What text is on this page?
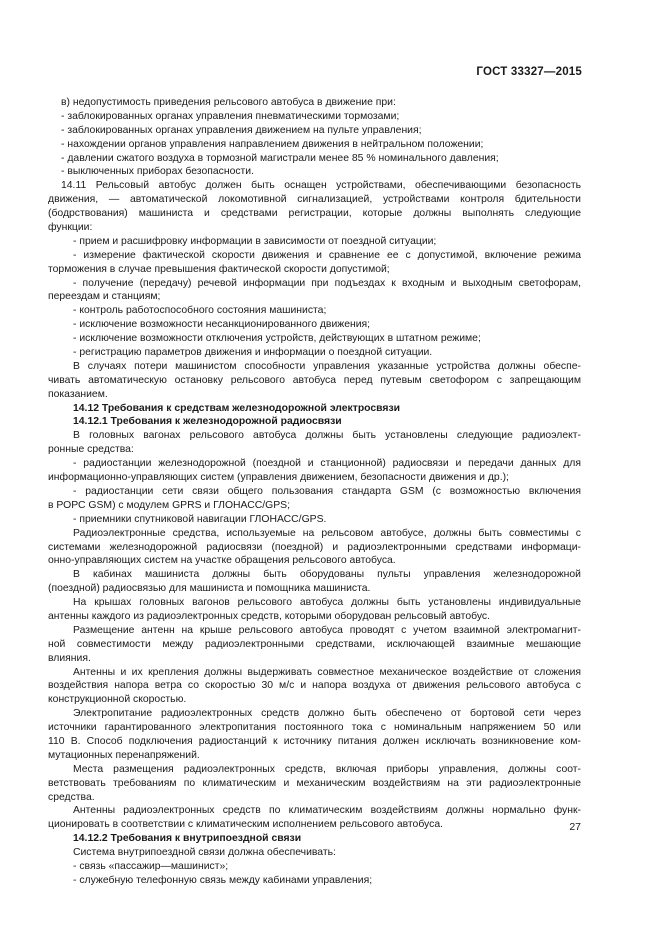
ГОСТ 33327—2015
в) недопустимость приведения рельсового автобуса в движение при:
- заблокированных органах управления пневматическими тормозами;
- заблокированных органах управления движением на пульте управления;
- нахождении органов управления направлением движения в нейтральном положении;
- давлении сжатого воздуха в тормозной магистрали менее 85 % номинального давления;
- выключенных приборах безопасности.
14.11 Рельсовый автобус должен быть оснащен устройствами, обеспечивающими безопасность
движения, — автоматической локомотивной сигнализацией, устройствами контроля бдительности
(бодрствования) машиниста и средствами регистрации, которые должны выполнять следующие
функции:
- прием и расшифровку информации в зависимости от поездной ситуации;
- измерение фактической скорости движения и сравнение ее с допустимой, включение режима
торможения в случае превышения фактической скорости допустимой;
- получение (передачу) речевой информации при подъездах к входным и выходным светофорам,
переездам и станциям;
- контроль работоспособного состояния машиниста;
- исключение возможности несанкционированного движения;
- исключение возможности отключения устройств, действующих в штатном режиме;
- регистрацию параметров движения и информации о поездной ситуации.
В случаях потери машинистом способности управления указанные устройства должны обеспе-
чивать автоматическую остановку рельсового автобуса перед путевым светофором с запрещающим
показанием.
14.12 Требования к средствам железнодорожной электросвязи
14.12.1 Требования к железнодорожной радиосвязи
В головных вагонах рельсового автобуса должны быть установлены следующие радиоэлект-
ронные средства:
- радиостанции железнодорожной (поездной и станционной) радиосвязи и передачи данных для
информационно-управляющих систем (управления движением, безопасности движения и др.);
- радиостанции сети связи общего пользования стандарта GSM (с возможностью включения
в РОРС GSM) с модулем GPRS и ГЛОНАСС/GPS;
- приемники спутниковой навигации ГЛОНАСС/GPS.
Радиоэлектронные средства, используемые на рельсовом автобусе, должны быть совместимы с
системами железнодорожной радиосвязи (поездной) и радиоэлектронными средствами информаци-
онно-управляющих систем на участке обращения рельсового автобуса.
В кабинах машиниста должны быть оборудованы пульты управления железнодорожной
(поездной) радиосвязью для машиниста и помощника машиниста.
На крышах головных вагонов рельсового автобуса должны быть установлены индивидуальные
антенны каждого из радиоэлектронных средств, которыми оборудован рельсовый автобус.
Размещение антенн на крыше рельсового автобуса проводят с учетом взаимной электромагнит-
ной совместимости между радиоэлектронными средствами, исключающей взаимные мешающие
влияния.
Антенны и их крепления должны выдерживать совместное механическое воздействие от сложения
воздействия напора ветра со скоростью 30 м/с и напора воздуха от движения рельсового автобуса с
конструкционной скоростью.
Электропитание радиоэлектронных средств должно быть обеспечено от бортовой сети через
источники гарантированного электропитания постоянного тока с номинальным напряжением 50 или
110 В. Способ подключения радиостанций к источнику питания должен исключать возникновение ком-
мутационных перенапряжений.
Места размещения радиоэлектронных средств, включая приборы управления, должны соот-
ветствовать требованиям по климатическим и механическим воздействиям на эти радиоэлектронные
средства.
Антенны радиоэлектронных средств по климатическим воздействиям должны нормально функ-
ционировать в соответствии с климатическим исполнением рельсового автобуса.
14.12.2 Требования к внутрипоездной связи
Система внутрипоездной связи должна обеспечивать:
- связь «пассажир—машинист»;
- служебную телефонную связь между кабинами управления;
27
